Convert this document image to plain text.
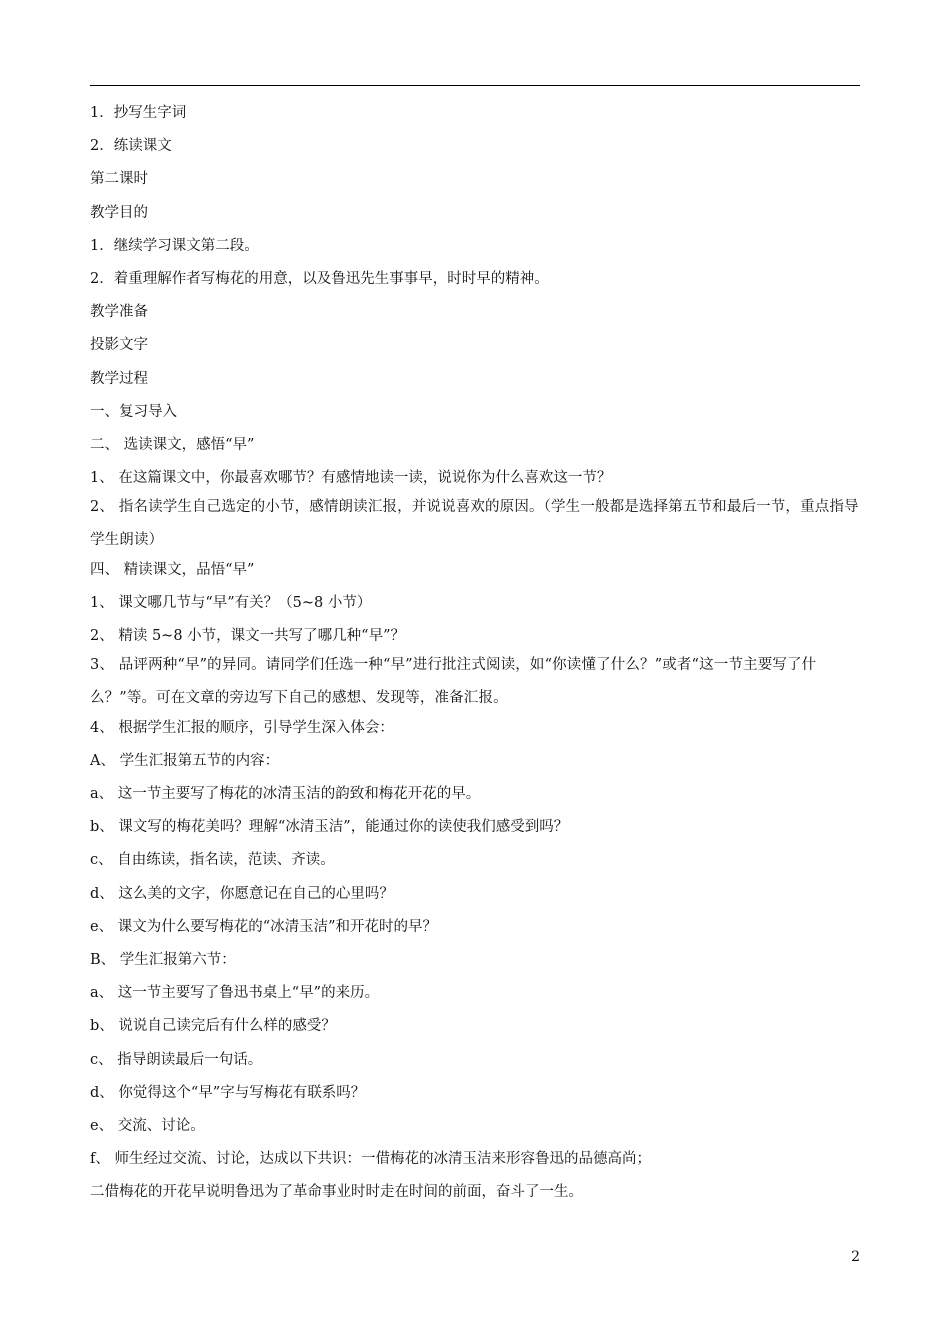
1．抄写生字词
2．练读课文
第二课时
教学目的
1．继续学习课文第二段。
2．着重理解作者写梅花的用意，以及鲁迅先生事事早，时时早的精神。
教学准备
投影文字
教学过程
一、复习导入
二、 选读课文，感悟“早”
1、 在这篇课文中，你最喜欢哪节？有感情地读一读，说说你为什么喜欢这一节？
2、 指名读学生自己选定的小节，感情朗读汇报，并说说喜欢的原因。（学生一般都是选择第五节和最后一节，重点指导学生朗读）
四、 精读课文，品悟“早”
1、 课文哪几节与“早”有关？（5~8 小节）
2、 精读 5~8 小节，课文一共写了哪几种“早”？
3、 品评两种“早”的异同。请同学们任选一种“早”进行批注式阅读，如“你读懂了什么？”或者“这一节主要写了什么？”等。可在文章的旁边写下自己的感想、发现等，准备汇报。
4、 根据学生汇报的顺序，引导学生深入体会：
A、 学生汇报第五节的内容：
a、 这一节主要写了梅花的冰清玉洁的韵致和梅花开花的早。
b、 课文写的梅花美吗？理解“冰清玉洁”，能通过你的读使我们感受到吗？
c、 自由练读，指名读，范读、齐读。
d、 这么美的文字，你愿意记在自己的心里吗？
e、 课文为什么要写梅花的“冰清玉洁”和开花时的早？
B、 学生汇报第六节：
a、 这一节主要写了鲁迅书桌上“早”的来历。
b、 说说自己读完后有什么样的感受？
c、 指导朗读最后一句话。
d、 你觉得这个“早”字与写梅花有联系吗？
e、 交流、讨论。
f、 师生经过交流、讨论，达成以下共识：一借梅花的冰清玉洁来形容鲁迅的品德高尚；
二借梅花的开花早说明鲁迅为了革命事业时时走在时间的前面，奋斗了一生。
2
